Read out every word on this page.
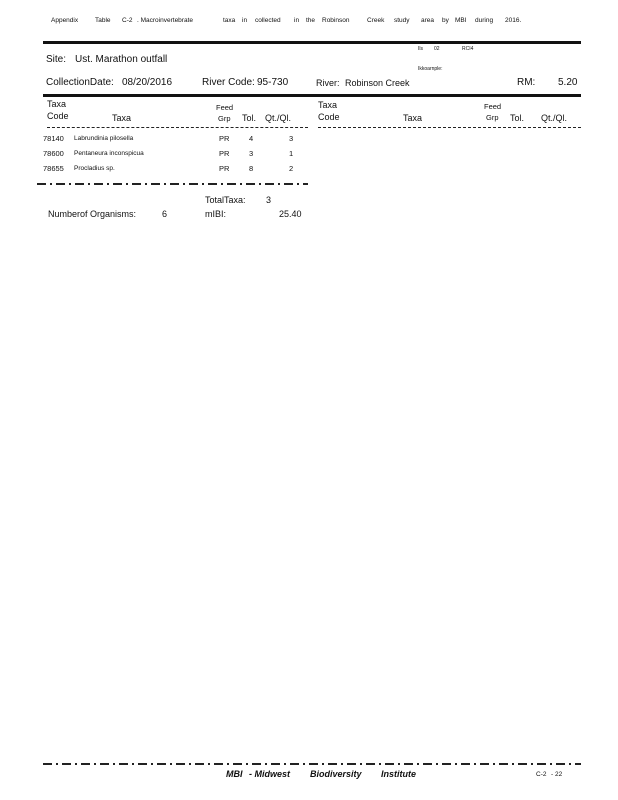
Appendix	Table C-2 . Macroinvertebrate	taxa in collected in the Robinson	Creek study area by MBI during 2016.
Ils 02	RCI4
Ikkoarnple:
Site: Ust. Marathon outfall
CollectionDate: 08/20/2016	River Code: 95-730	River: Robinson Creek	RM: 5.20
Taxa
Code	Taxa
Feed
Grp Tol. Qt./Ql.
Taxa
Code	Taxa
Feed
Grp Tol. Qt./Ql.
78140 Labrundinia pilosella	PR	4	3
78600 Pentaneura inconspicua	PR	3	1
78655 Procladius sp.	PR	8	2
TotalTaxa: 3
Numberof Organisms:	6	mIBI:	25.40
MBI - Midwest Biodiversity Institute	C-2 - 22
